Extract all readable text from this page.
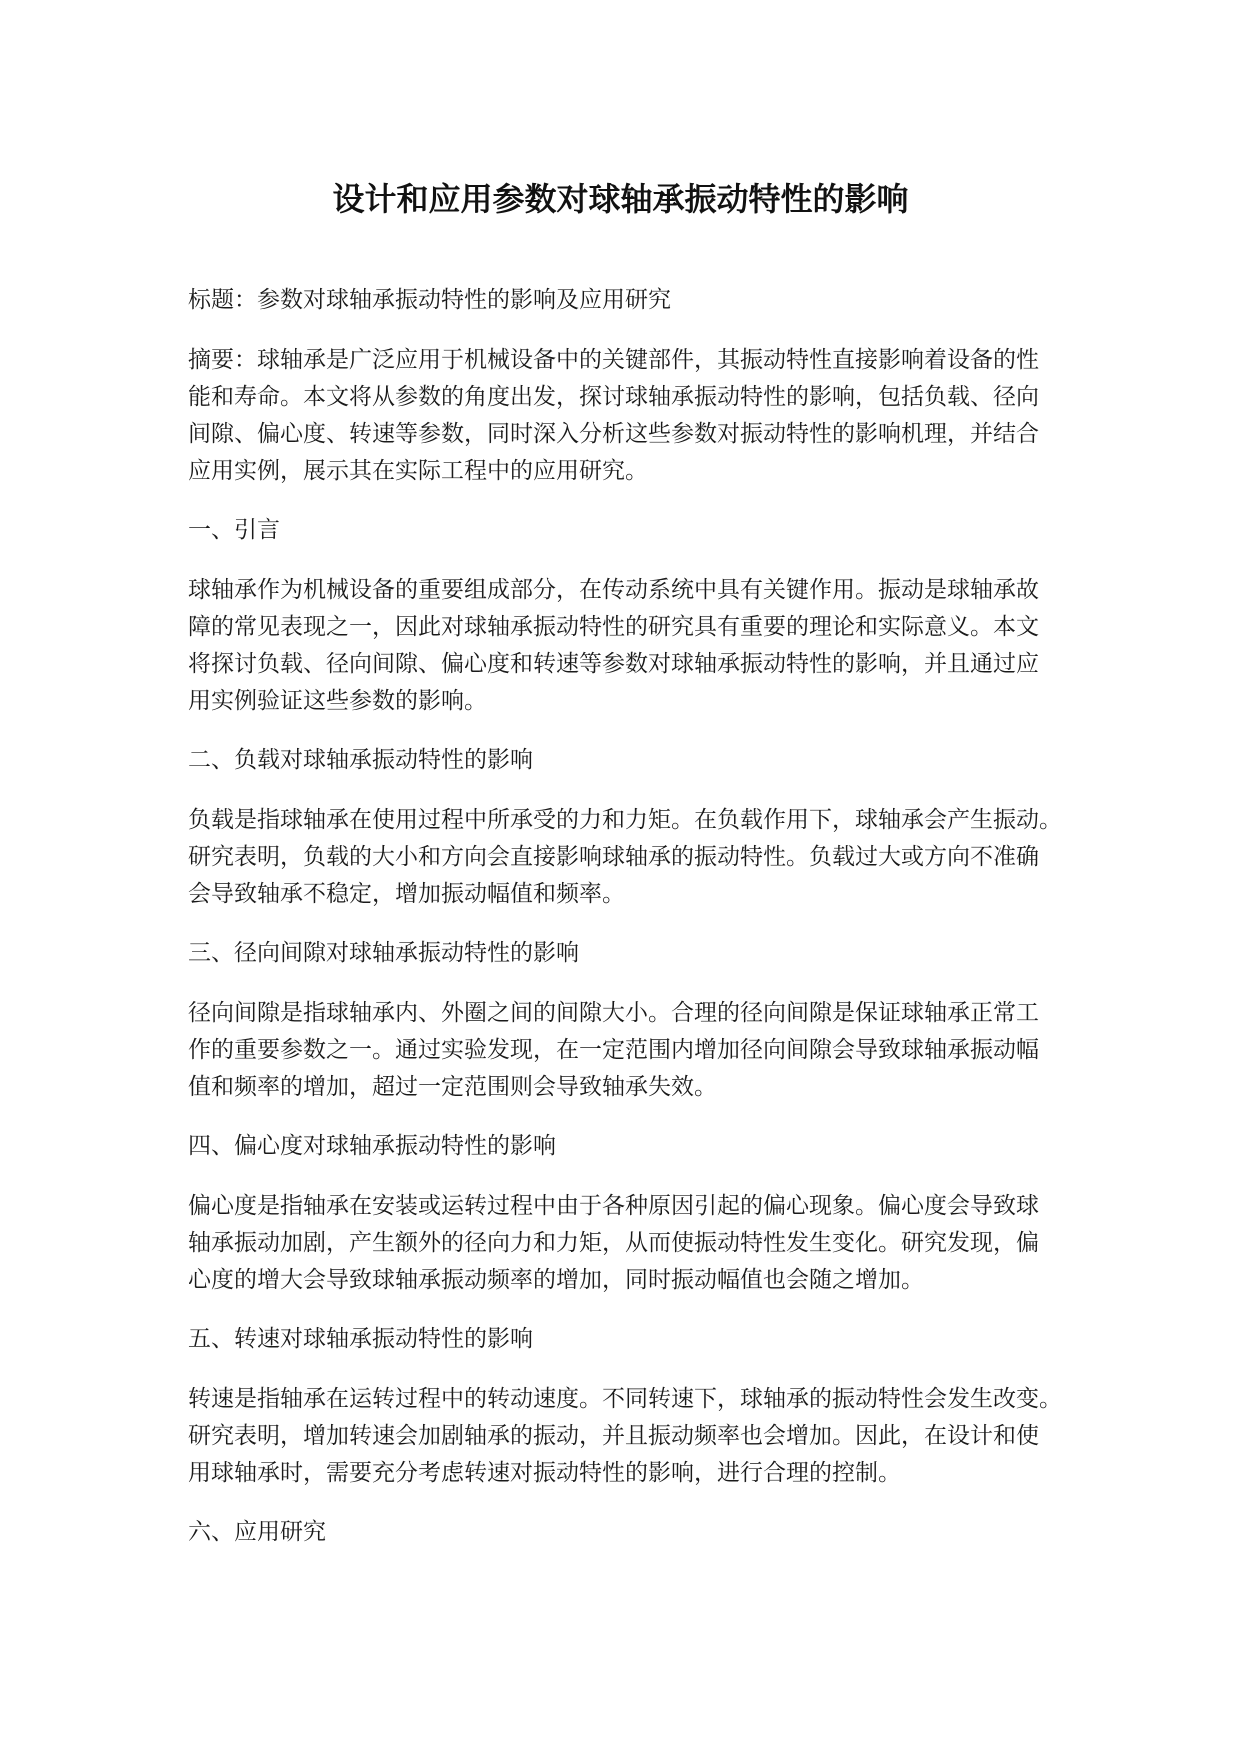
设计和应用参数对球轴承振动特性的影响

标题：参数对球轴承振动特性的影响及应用研究

摘要：球轴承是广泛应用于机械设备中的关键部件，其振动特性直接影响着设备的性
能和寿命。本文将从参数的角度出发，探讨球轴承振动特性的影响，包括负载、径向
间隙、偏心度、转速等参数，同时深入分析这些参数对振动特性的影响机理，并结合
应用实例，展示其在实际工程中的应用研究。

一、引言

球轴承作为机械设备的重要组成部分，在传动系统中具有关键作用。振动是球轴承故
障的常见表现之一，因此对球轴承振动特性的研究具有重要的理论和实际意义。本文
将探讨负载、径向间隙、偏心度和转速等参数对球轴承振动特性的影响，并且通过应
用实例验证这些参数的影响。

二、负载对球轴承振动特性的影响

负载是指球轴承在使用过程中所承受的力和力矩。在负载作用下，球轴承会产生振动。
研究表明，负载的大小和方向会直接影响球轴承的振动特性。负载过大或方向不准确
会导致轴承不稳定，增加振动幅值和频率。

三、径向间隙对球轴承振动特性的影响

径向间隙是指球轴承内、外圈之间的间隙大小。合理的径向间隙是保证球轴承正常工
作的重要参数之一。通过实验发现，在一定范围内增加径向间隙会导致球轴承振动幅
值和频率的增加，超过一定范围则会导致轴承失效。

四、偏心度对球轴承振动特性的影响

偏心度是指轴承在安装或运转过程中由于各种原因引起的偏心现象。偏心度会导致球
轴承振动加剧，产生额外的径向力和力矩，从而使振动特性发生变化。研究发现，偏
心度的增大会导致球轴承振动频率的增加，同时振动幅值也会随之增加。

五、转速对球轴承振动特性的影响

转速是指轴承在运转过程中的转动速度。不同转速下，球轴承的振动特性会发生改变。
研究表明，增加转速会加剧轴承的振动，并且振动频率也会增加。因此，在设计和使
用球轴承时，需要充分考虑转速对振动特性的影响，进行合理的控制。

六、应用研究
